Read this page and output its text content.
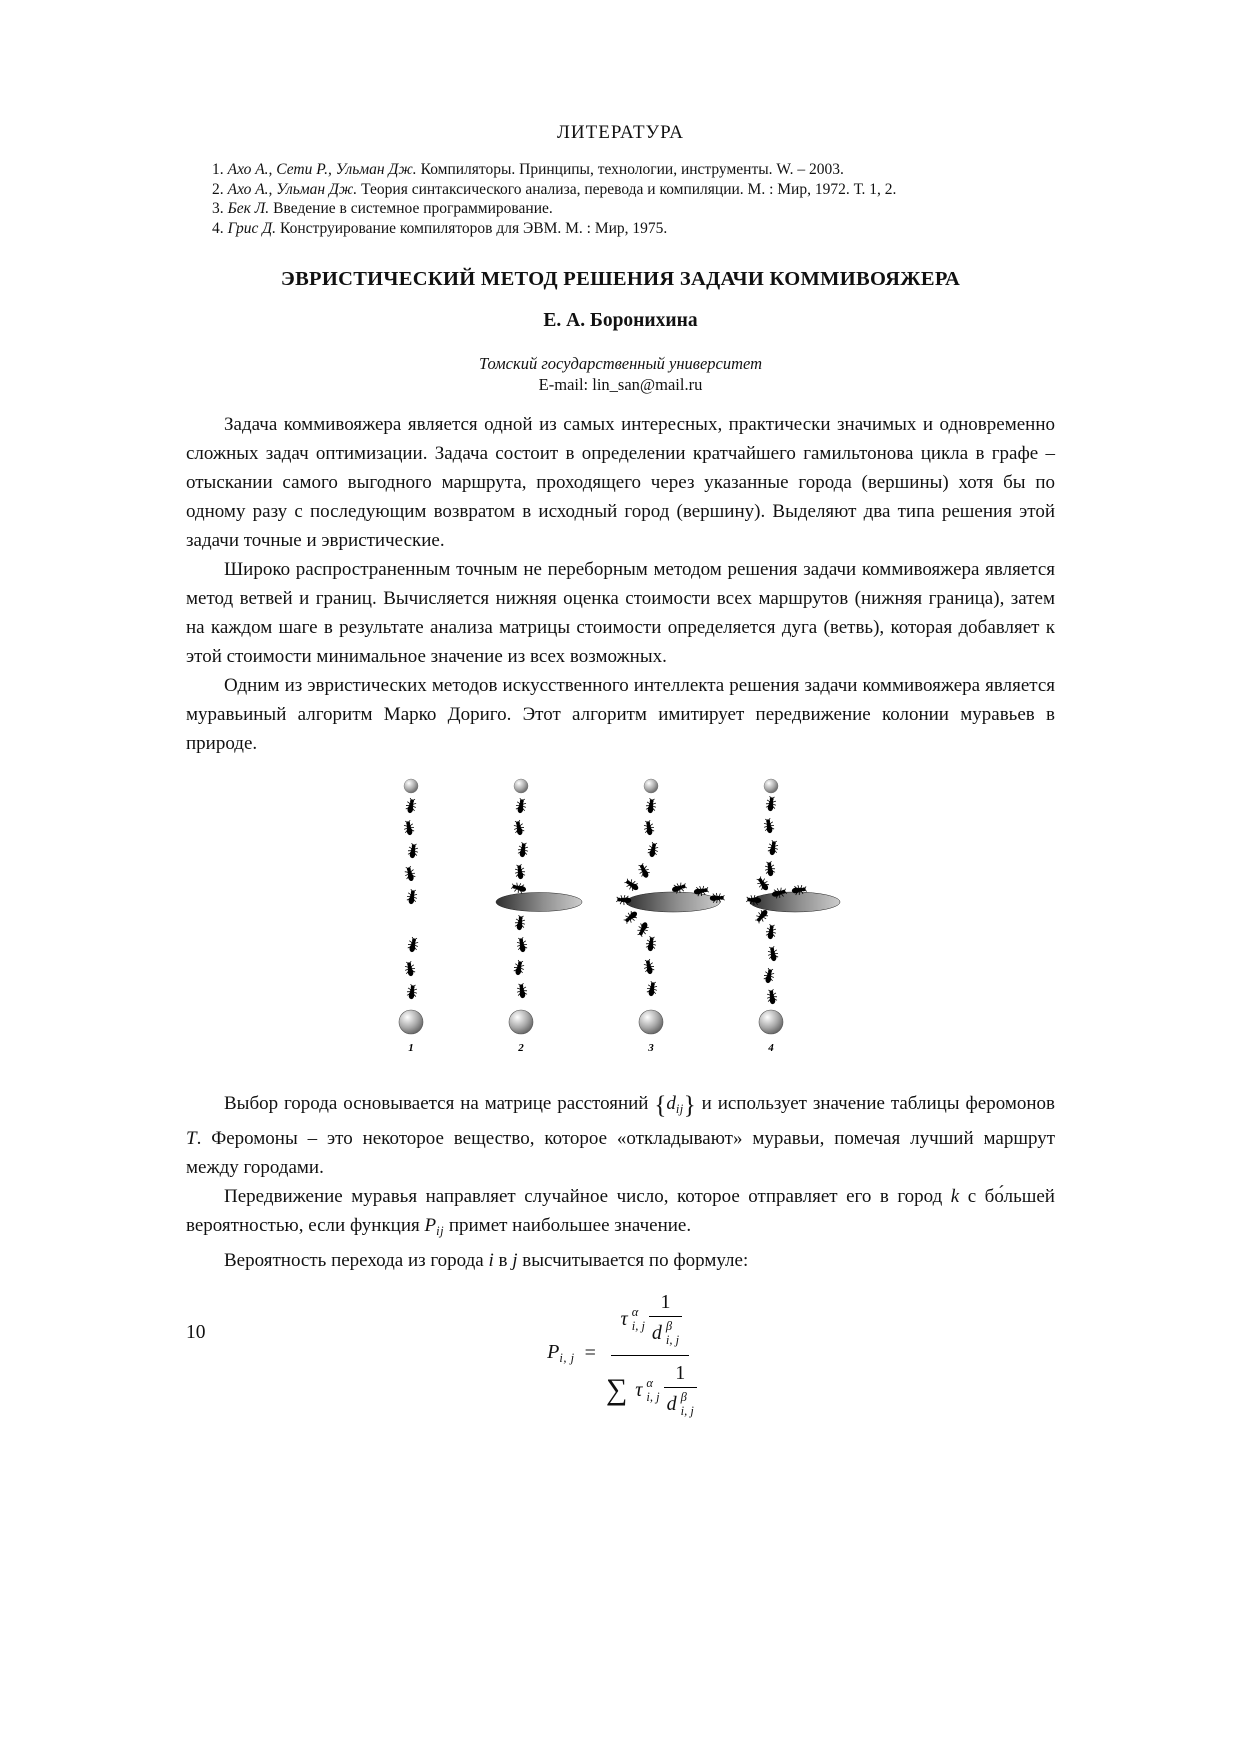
ЛИТЕРАТУРА

1. Ахо А., Сети Р., Ульман Дж. Компиляторы. Принципы, технологии, инструменты. W. – 2003.

2. Ахо А., Ульман Дж. Теория синтаксического анализа, перевода и компиляции. М. : Мир, 1972. Т. 1, 2.

3. Бек Л. Введение в системное программирование.

4. Грис Д. Конструирование компиляторов для ЭВМ. М. : Мир, 1975.

ЭВРИСТИЧЕСКИЙ МЕТОД РЕШЕНИЯ ЗАДАЧИ КОММИВОЯЖЕРА
Е. А. Боронихина
Томский государственный университет
E-mail: lin_san@mail.ru

Задача коммивояжера является одной из самых интересных, практически значимых и одновременно сложных задач оптимизации. Задача состоит в определении кратчайшего гамильтонова цикла в графе – отыскании самого выгодного маршрута, проходящего через указанные города (вершины) хотя бы по одному разу с последующим возвратом в исходный город (вершину). Выделяют два типа решения этой задачи точные и эвристические.

Широко распространенным точным не переборным методом решения задачи коммивояжера является метод ветвей и границ. Вычисляется нижняя оценка стоимости всех маршрутов (нижняя граница), затем на каждом шаге в результате анализа матрицы стоимости определяется дуга (ветвь), которая добавляет к этой стоимости минимальное значение из всех возможных.

Одним из эвристических методов искусственного интеллекта решения задачи коммивояжера является муравьиный алгоритм Марко Дориго. Этот алгоритм имитирует передвижение колонии муравьев в природе.

1	2	3	4

Выбор города основывается на матрице расстояний $\{d_{ij}\}$ и использует значение таблицы феромонов T. Феромоны – это некоторое вещество, которое «откладывают» муравьи, помечая лучший маршрут между городами.

Передвижение муравья направляет случайное число, которое отправляет его в город k с бо́льшей вероятностью, если функция $P_{ij}$ примет наибольшее значение.

Вероятность перехода из города i в j высчитывается по формуле:

$P_{i, j} = \tau$ α
i, j 1
d β
i, j
∑ τ α
i, j 1
d β
i, j
10
